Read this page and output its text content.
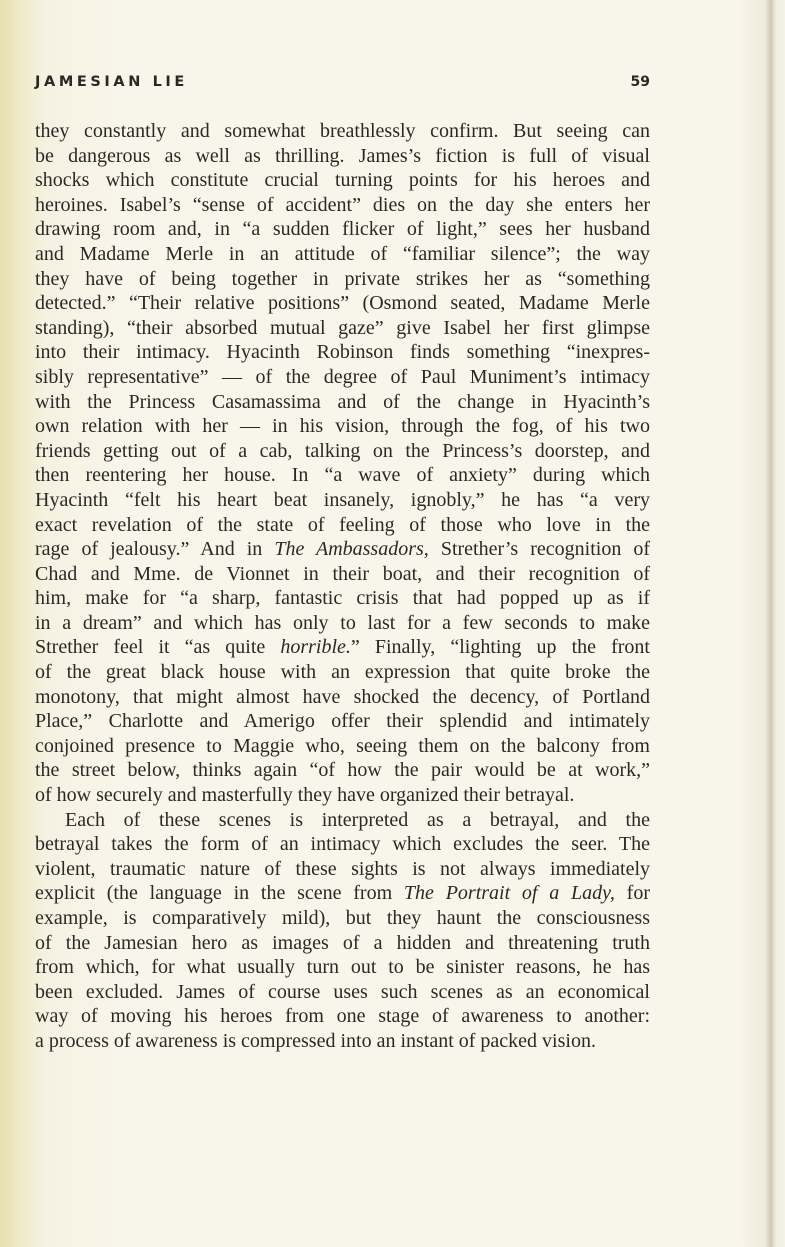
JAMESIAN LIE	59
they constantly and somewhat breathlessly confirm. But seeing can
be dangerous as well as thrilling. James’s fiction is full of visual
shocks which constitute crucial turning points for his heroes and
heroines. Isabel’s “sense of accident” dies on the day she enters her
drawing room and, in “a sudden flicker of light,” sees her husband
and Madame Merle in an attitude of “familiar silence”; the way
they have of being together in private strikes her as “something
detected.” “Their relative positions” (Osmond seated, Madame Merle
standing), “their absorbed mutual gaze” give Isabel her first glimpse
into their intimacy. Hyacinth Robinson finds something “inexpres-
sibly representative” — of the degree of Paul Muniment’s intimacy
with the Princess Casamassima and of the change in Hyacinth’s
own relation with her — in his vision, through the fog, of his two
friends getting out of a cab, talking on the Princess’s doorstep, and
then reentering her house. In “a wave of anxiety” during which
Hyacinth “felt his heart beat insanely, ignobly,” he has “a very
exact revelation of the state of feeling of those who love in the
rage of jealousy.” And in The Ambassadors, Strether’s recognition of
Chad and Mme. de Vionnet in their boat, and their recognition of
him, make for “a sharp, fantastic crisis that had popped up as if
in a dream” and which has only to last for a few seconds to make
Strether feel it “as quite horrible.” Finally, “lighting up the front
of the great black house with an expression that quite broke the
monotony, that might almost have shocked the decency, of Portland
Place,” Charlotte and Amerigo offer their splendid and intimately
conjoined presence to Maggie who, seeing them on the balcony from
the street below, thinks again “of how the pair would be at work,”
of how securely and masterfully they have organized their betrayal.
Each of these scenes is interpreted as a betrayal, and the
betrayal takes the form of an intimacy which excludes the seer. The
violent, traumatic nature of these sights is not always immediately
explicit (the language in the scene from The Portrait of a Lady, for
example, is comparatively mild), but they haunt the consciousness
of the Jamesian hero as images of a hidden and threatening truth
from which, for what usually turn out to be sinister reasons, he has
been excluded. James of course uses such scenes as an economical
way of moving his heroes from one stage of awareness to another:
a process of awareness is compressed into an instant of packed vision.
